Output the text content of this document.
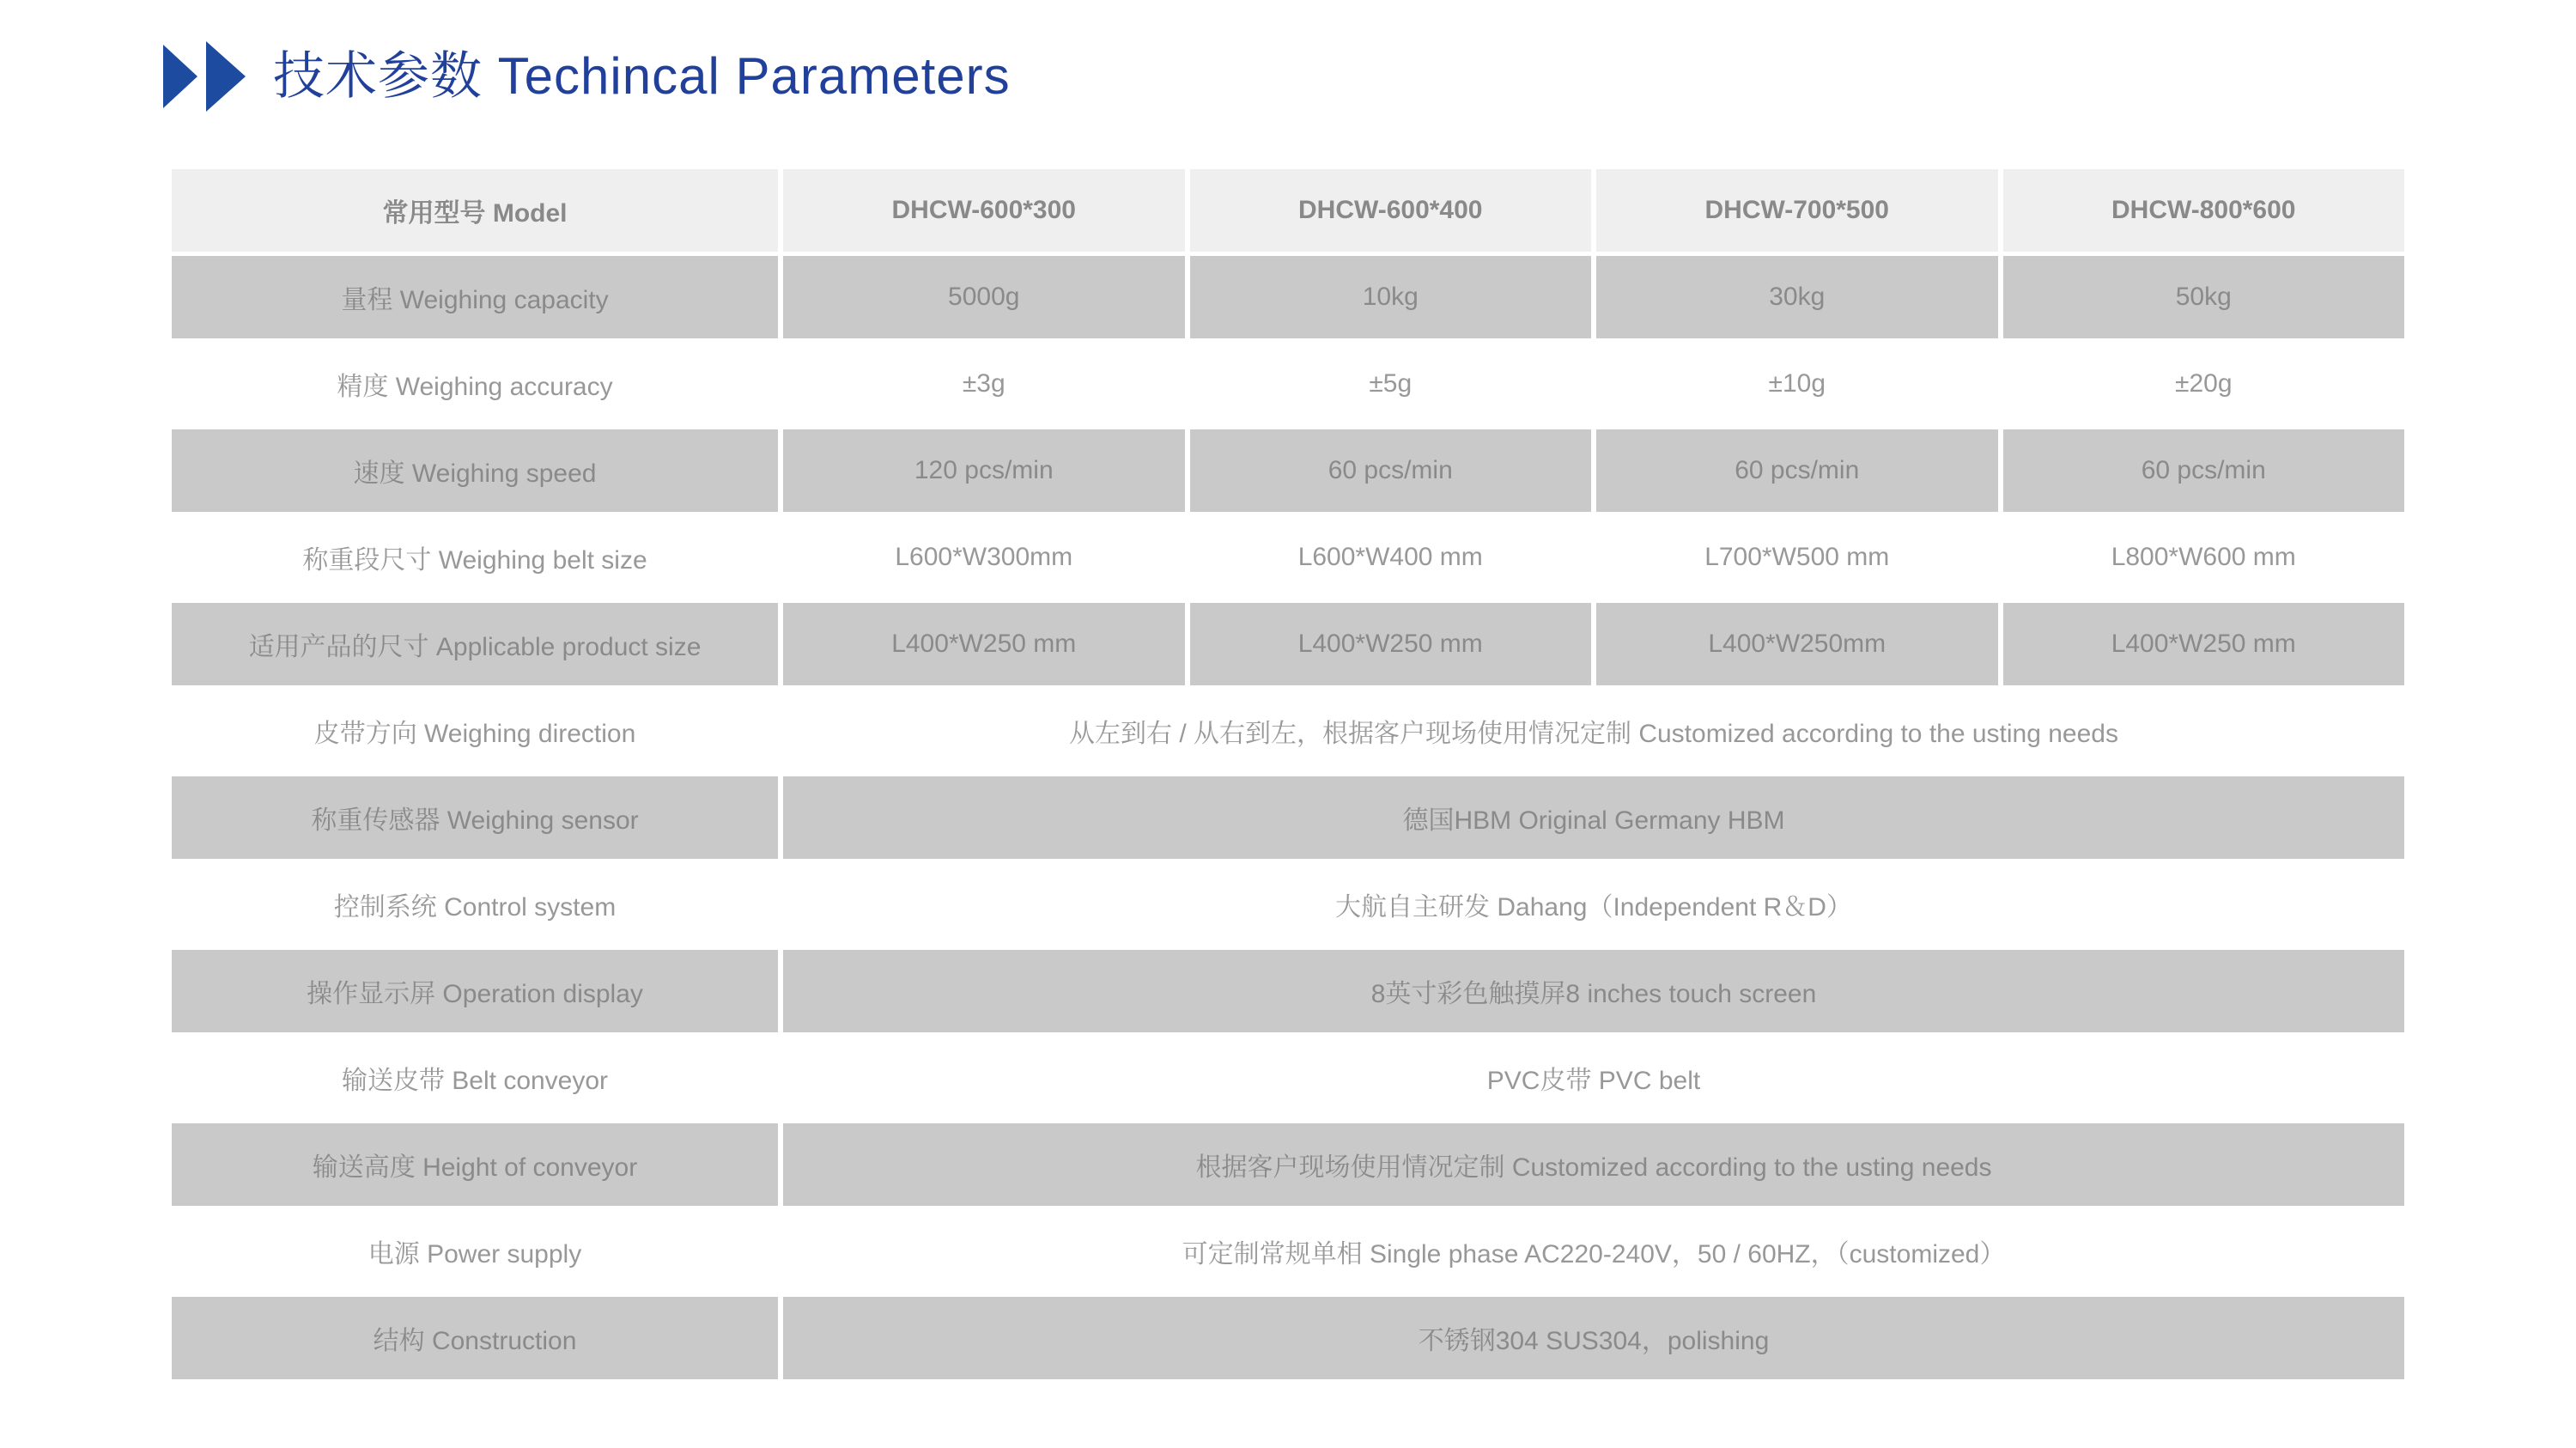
技术参数 Techincal Parameters
常用型号 Model	DHCW-600*300	DHCW-600*400	DHCW-700*500	DHCW-800*600
量程 Weighing capacity	5000g	10kg	30kg	50kg
精度 Weighing accuracy	±3g	±5g	±10g	±20g
速度 Weighing speed	120 pcs/min	60 pcs/min	60 pcs/min	60 pcs/min
称重段尺寸 Weighing belt size	L600*W300mm	L600*W400 mm	L700*W500 mm	L800*W600 mm
适用产品的尺寸 Applicable product size	L400*W250 mm	L400*W250 mm	L400*W250mm	L400*W250 mm
皮带方向 Weighing direction	从左到右 / 从右到左，根据客户现场使用情况定制 Customized according to the usting needs
称重传感器 Weighing sensor	德国HBM Original Germany HBM
控制系统 Control system	大航自主研发 Dahang（Independent R＆D）
操作显示屏 Operation display	8英寸彩色触摸屏8 inches touch screen
输送皮带 Belt conveyor	PVC皮带 PVC belt
输送高度 Height of conveyor	根据客户现场使用情况定制 Customized according to the usting needs
电源 Power supply	可定制常规单相 Single phase AC220-240V，50 / 60HZ，（customized）
结构 Construction	不锈钢304 SUS304，polishing
